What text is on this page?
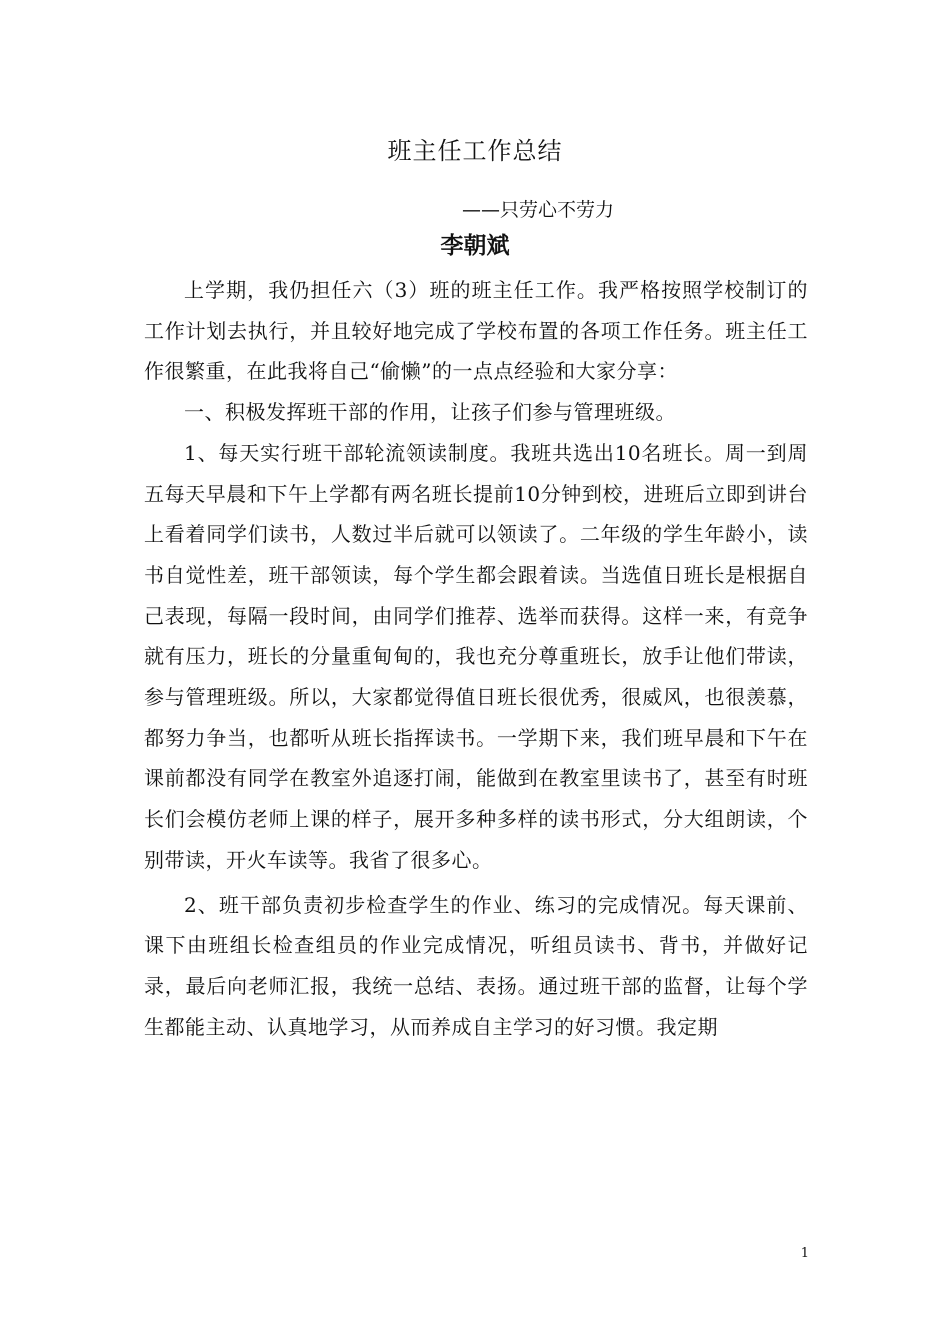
班主任工作总结
——只劳心不劳力
李朝斌

上学期，我仍担任六（3）班的班主任工作。我严格按照学校制订的工作计划去执行，并且较好地完成了学校布置的各项工作任务。班主任工作很繁重，在此我将自己“偷懒”的一点点经验和大家分享：

一、积极发挥班干部的作用，让孩子们参与管理班级。

1、每天实行班干部轮流领读制度。我班共选出10名班长。周一到周五每天早晨和下午上学都有两名班长提前10分钟到校，进班后立即到讲台上看着同学们读书，人数过半后就可以领读了。二年级的学生年龄小，读书自觉性差，班干部领读，每个学生都会跟着读。当选值日班长是根据自己表现，每隔一段时间，由同学们推荐、选举而获得。这样一来，有竞争就有压力，班长的分量重甸甸的，我也充分尊重班长，放手让他们带读，参与管理班级。所以，大家都觉得值日班长很优秀，很威风，也很羡慕，都努力争当，也都听从班长指挥读书。一学期下来，我们班早晨和下午在课前都没有同学在教室外追逐打闹，能做到在教室里读书了，甚至有时班长们会模仿老师上课的样子，展开多种多样的读书形式，分大组朗读，个别带读，开火车读等。我省了很多心。

2、班干部负责初步检查学生的作业、练习的完成情况。每天课前、课下由班组长检查组员的作业完成情况，听组员读书、背书，并做好记录，最后向老师汇报，我统一总结、表扬。通过班干部的监督，让每个学生都能主动、认真地学习，从而养成自主学习的好习惯。我定期

1
